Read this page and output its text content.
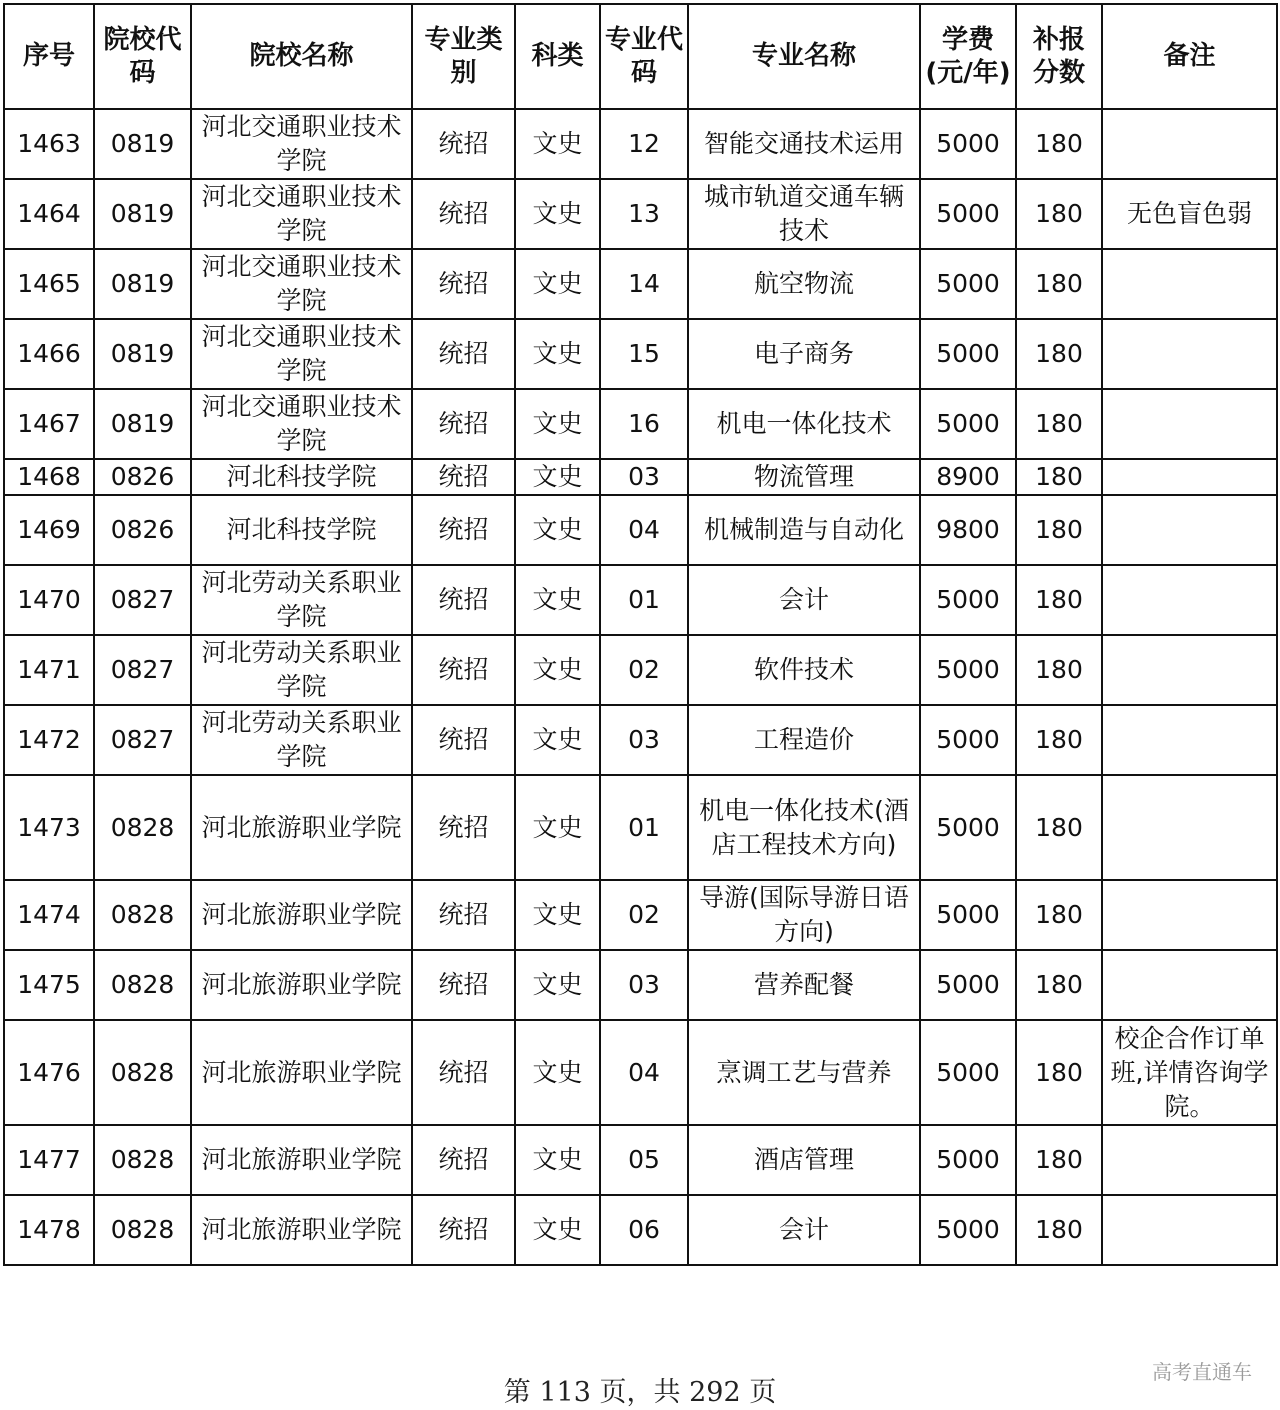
序号	院校代码	院校名称	专业类别	科类	专业代码	专业名称	学费(元/年)	补报分数	备注
1463	0819	河北交通职业技术学院	统招	文史	12	智能交通技术运用	5000	180	
1464	0819	河北交通职业技术学院	统招	文史	13	城市轨道交通车辆技术	5000	180	无色盲色弱
1465	0819	河北交通职业技术学院	统招	文史	14	航空物流	5000	180	
1466	0819	河北交通职业技术学院	统招	文史	15	电子商务	5000	180	
1467	0819	河北交通职业技术学院	统招	文史	16	机电一体化技术	5000	180	
1468	0826	河北科技学院	统招	文史	03	物流管理	8900	180	
1469	0826	河北科技学院	统招	文史	04	机械制造与自动化	9800	180	
1470	0827	河北劳动关系职业学院	统招	文史	01	会计	5000	180	
1471	0827	河北劳动关系职业学院	统招	文史	02	软件技术	5000	180	
1472	0827	河北劳动关系职业学院	统招	文史	03	工程造价	5000	180	
1473	0828	河北旅游职业学院	统招	文史	01	机电一体化技术(酒店工程技术方向)	5000	180	
1474	0828	河北旅游职业学院	统招	文史	02	导游(国际导游日语方向)	5000	180	
1475	0828	河北旅游职业学院	统招	文史	03	营养配餐	5000	180	
1476	0828	河北旅游职业学院	统招	文史	04	烹调工艺与营养	5000	180	校企合作订单班,详情咨询学院。
1477	0828	河北旅游职业学院	统招	文史	05	酒店管理	5000	180	
1478	0828	河北旅游职业学院	统招	文史	06	会计	5000	180	
第 113 页，共 292 页
高考直通车
